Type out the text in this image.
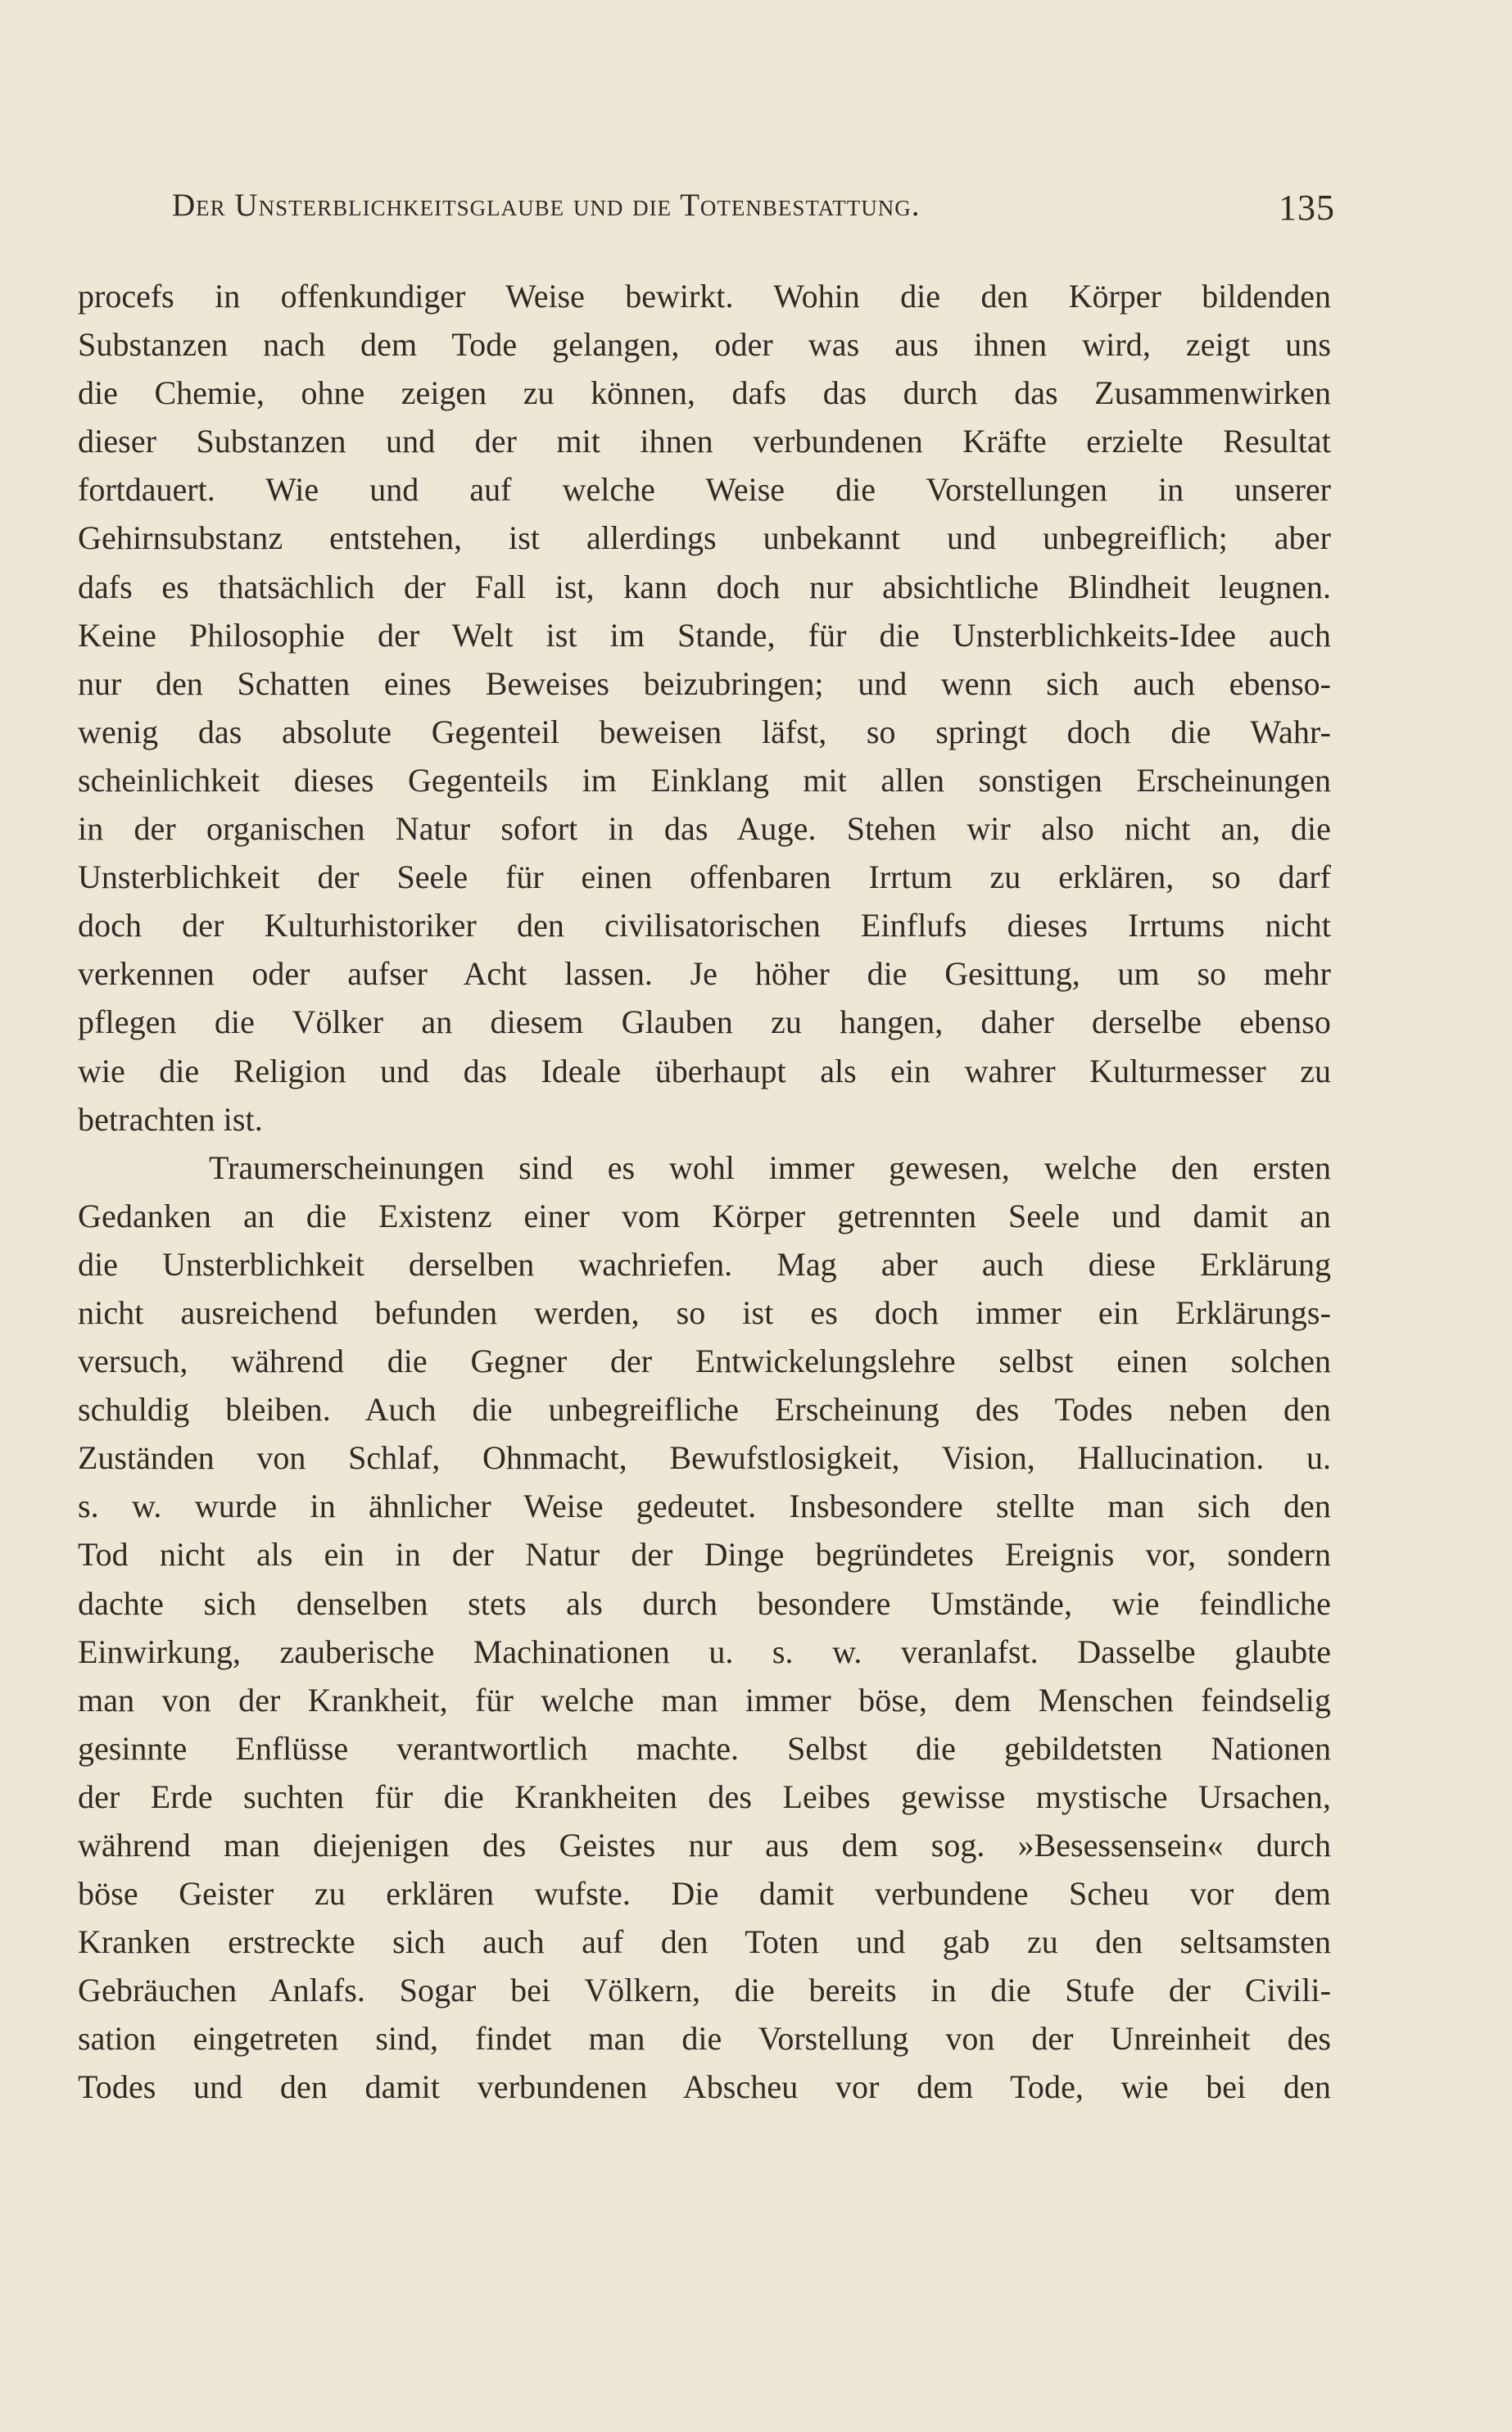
Der Unsterblichkeitsglaube und die Totenbestattung.	135
procefs in offenkundiger Weise bewirkt. Wohin die den Körper bildenden
Substanzen nach dem Tode gelangen, oder was aus ihnen wird, zeigt uns
die Chemie, ohne zeigen zu können, dafs das durch das Zusammenwirken
dieser Substanzen und der mit ihnen verbundenen Kräfte erzielte Resultat
fortdauert. Wie und auf welche Weise die Vorstellungen in unserer
Gehirnsubstanz entstehen, ist allerdings unbekannt und unbegreiflich; aber
dafs es thatsächlich der Fall ist, kann doch nur absichtliche Blindheit leugnen.
Keine Philosophie der Welt ist im Stande, für die Unsterblichkeits-Idee auch
nur den Schatten eines Beweises beizubringen; und wenn sich auch ebenso-
wenig das absolute Gegenteil beweisen läfst, so springt doch die Wahr-
scheinlichkeit dieses Gegenteils im Einklang mit allen sonstigen Erscheinungen
in der organischen Natur sofort in das Auge. Stehen wir also nicht an, die
Unsterblichkeit der Seele für einen offenbaren Irrtum zu erklären, so darf
doch der Kulturhistoriker den civilisatorischen Einflufs dieses Irrtums nicht
verkennen oder aufser Acht lassen. Je höher die Gesittung, um so mehr
pflegen die Völker an diesem Glauben zu hangen, daher derselbe ebenso
wie die Religion und das Ideale überhaupt als ein wahrer Kulturmesser zu
betrachten ist.
Traumerscheinungen sind es wohl immer gewesen, welche den ersten
Gedanken an die Existenz einer vom Körper getrennten Seele und damit an
die Unsterblichkeit derselben wachriefen. Mag aber auch diese Erklärung
nicht ausreichend befunden werden, so ist es doch immer ein Erklärungs-
versuch, während die Gegner der Entwickelungslehre selbst einen solchen
schuldig bleiben. Auch die unbegreifliche Erscheinung des Todes neben den
Zuständen von Schlaf, Ohnmacht, Bewufstlosigkeit, Vision, Hallucination. u.
s. w. wurde in ähnlicher Weise gedeutet. Insbesondere stellte man sich den
Tod nicht als ein in der Natur der Dinge begründetes Ereignis vor, sondern
dachte sich denselben stets als durch besondere Umstände, wie feindliche
Einwirkung, zauberische Machinationen u. s. w. veranlafst. Dasselbe glaubte
man von der Krankheit, für welche man immer böse, dem Menschen feindselig
gesinnte Enflüsse verantwortlich machte. Selbst die gebildetsten Nationen
der Erde suchten für die Krankheiten des Leibes gewisse mystische Ursachen,
während man diejenigen des Geistes nur aus dem sog. »Besessensein« durch
böse Geister zu erklären wufste. Die damit verbundene Scheu vor dem
Kranken erstreckte sich auch auf den Toten und gab zu den seltsamsten
Gebräuchen Anlafs. Sogar bei Völkern, die bereits in die Stufe der Civili-
sation eingetreten sind, findet man die Vorstellung von der Unreinheit des
Todes und den damit verbundenen Abscheu vor dem Tode, wie bei den
